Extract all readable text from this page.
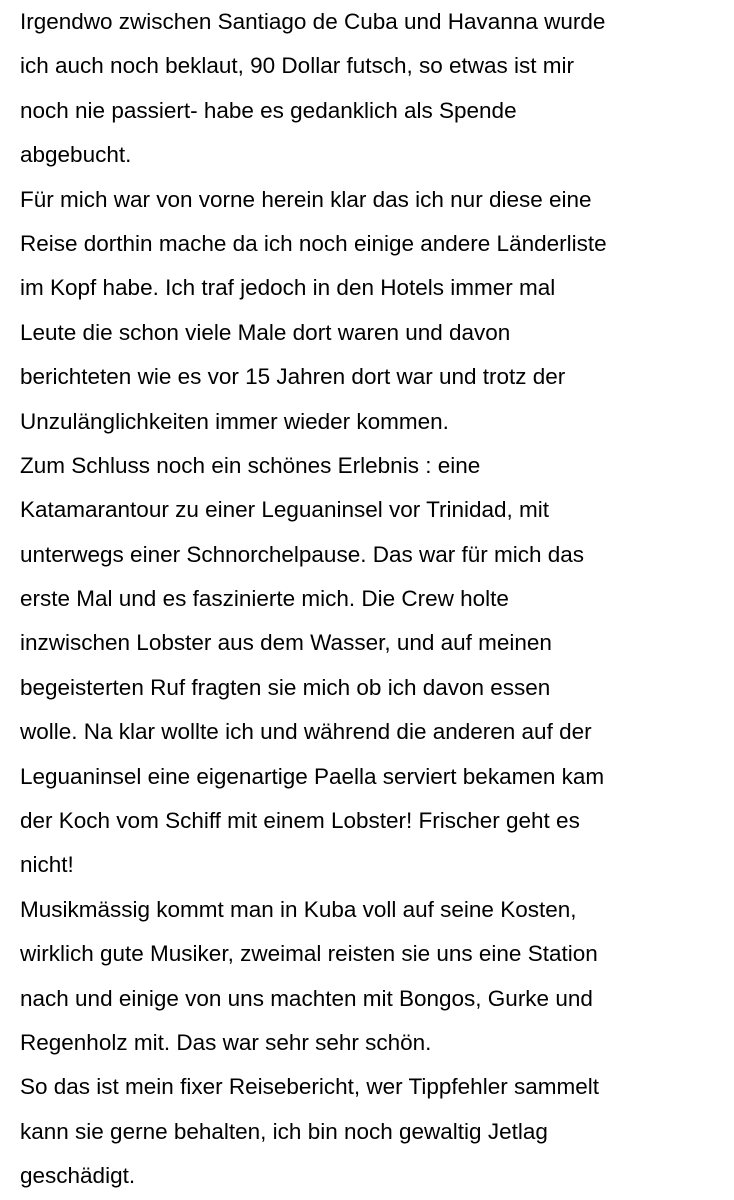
Irgendwo zwischen Santiago de Cuba und Havanna wurde
ich auch noch beklaut, 90 Dollar futsch, so etwas ist mir
noch nie passiert- habe es gedanklich als Spende
abgebucht.
Für mich war von vorne herein klar das ich nur diese eine
Reise dorthin mache da ich noch einige andere Länderliste
im Kopf habe. Ich traf jedoch in den Hotels immer mal
Leute die schon viele Male dort waren und davon
berichteten wie es vor 15 Jahren dort war und trotz der
Unzulänglichkeiten immer wieder kommen.
Zum Schluss noch ein schönes Erlebnis : eine
Katamarantour zu einer Leguaninsel vor Trinidad, mit
unterwegs einer Schnorchelpause. Das war für mich das
erste Mal und es faszinierte mich. Die Crew holte
inzwischen Lobster aus dem Wasser, und auf meinen
begeisterten Ruf fragten sie mich ob ich davon essen
wolle. Na klar wollte ich und während die anderen auf der
Leguaninsel eine eigenartige Paella serviert bekamen kam
der Koch vom Schiff mit einem Lobster! Frischer geht es
nicht!
Musikmässig kommt man in Kuba voll auf seine Kosten,
wirklich gute Musiker, zweimal reisten sie uns eine Station
nach und einige von uns machten mit Bongos, Gurke und
Regenholz mit. Das war sehr sehr schön.
So das ist mein fixer Reisebericht, wer Tippfehler sammelt
kann sie gerne behalten, ich bin noch gewaltig Jetlag
geschädigt.
